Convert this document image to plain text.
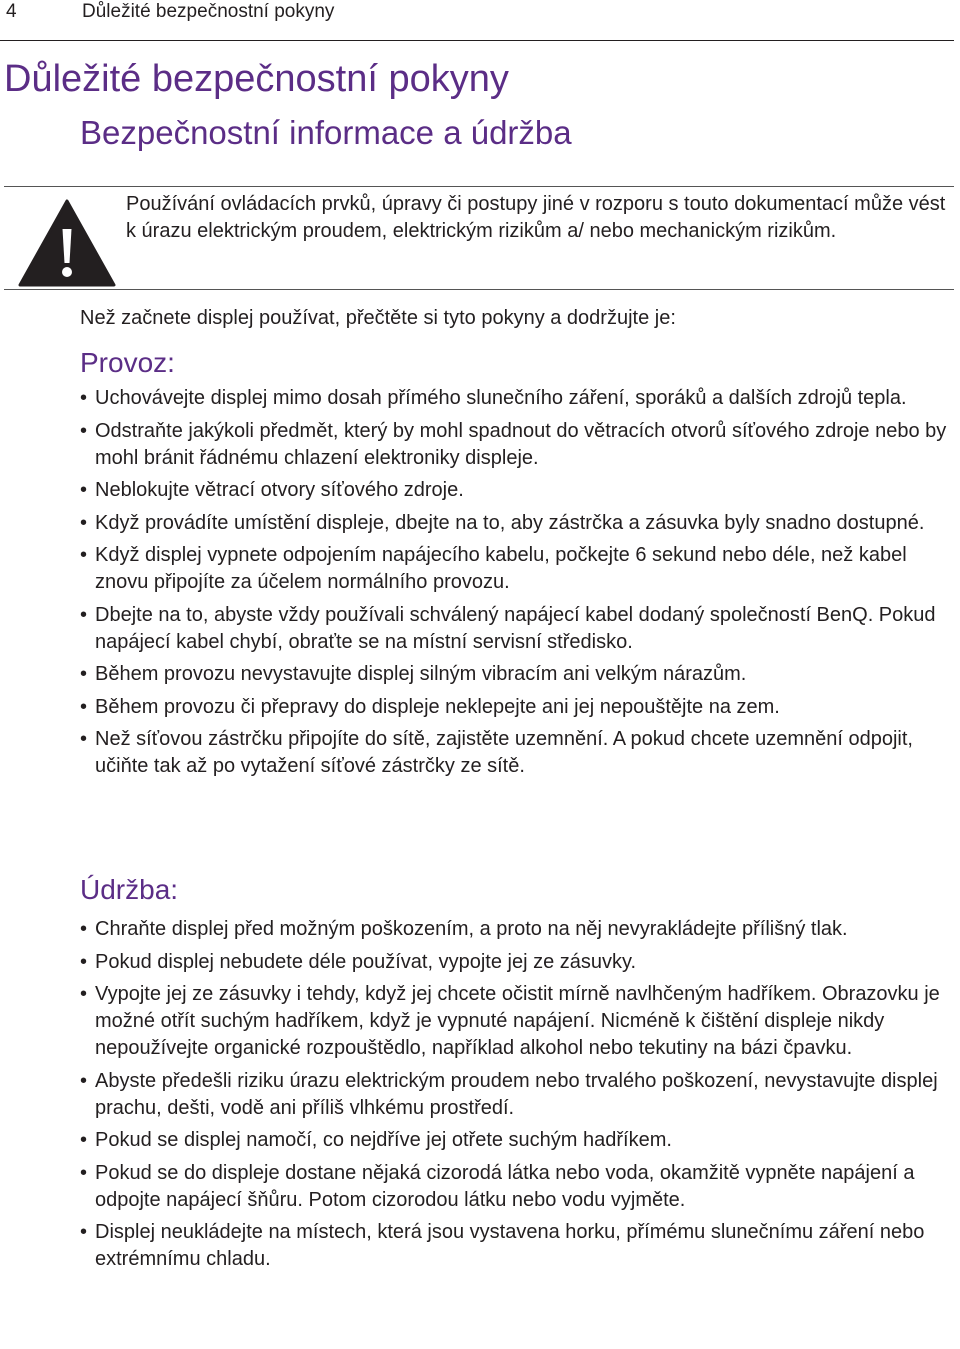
4	Důležité bezpečnostní pokyny
Důležité bezpečnostní pokyny
Bezpečnostní informace a údržba
Používání ovládacích prvků, úpravy či postupy jiné v rozporu s touto dokumentací může vést k úrazu elektrickým proudem, elektrickým rizikům a/ nebo mechanickým rizikům.
Než začnete displej používat, přečtěte si tyto pokyny a dodržujte je:
Provoz:
• Uchovávejte displej mimo dosah přímého slunečního záření, sporáků a dalších zdrojů tepla.
• Odstraňte jakýkoli předmět, který by mohl spadnout do větracích otvorů síťového zdroje nebo by mohl bránit řádnému chlazení elektroniky displeje.
• Neblokujte větrací otvory síťového zdroje.
• Když provádíte umístění displeje, dbejte na to, aby zástrčka a zásuvka byly snadno dostupné.
• Když displej vypnete odpojením napájecího kabelu, počkejte 6 sekund nebo déle, než kabel znovu připojíte za účelem normálního provozu.
• Dbejte na to, abyste vždy používali schválený napájecí kabel dodaný společností BenQ. Pokud napájecí kabel chybí, obraťte se na místní servisní středisko.
• Během provozu nevystavujte displej silným vibracím ani velkým nárazům.
• Během provozu či přepravy do displeje neklepejte ani jej nepouštějte na zem.
• Než síťovou zástrčku připojíte do sítě, zajistěte uzemnění. A pokud chcete uzemnění odpojit, učiňte tak až po vytažení síťové zástrčky ze sítě.
Údržba:
• Chraňte displej před možným poškozením, a proto na něj nevyrakládejte přílišný tlak.
• Pokud displej nebudete déle používat, vypojte jej ze zásuvky.
• Vypojte jej ze zásuvky i tehdy, když jej chcete očistit mírně navlhčeným hadříkem. Obrazovku je možné otřít suchým hadříkem, když je vypnuté napájení. Nicméně k čištění displeje nikdy nepoužívejte organické rozpouštědlo, například alkohol nebo tekutiny na bázi čpavku.
• Abyste předešli riziku úrazu elektrickým proudem nebo trvalého poškození, nevystavujte displej prachu, dešti, vodě ani příliš vlhkému prostředí.
• Pokud se displej namočí, co nejdříve jej otřete suchým hadříkem.
• Pokud se do displeje dostane nějaká cizorodá látka nebo voda, okamžitě vypněte napájení a odpojte napájecí šňůru. Potom cizorodou látku nebo vodu vyjměte.
• Displej neukládejte na místech, která jsou vystavena horku, přímému slunečnímu záření nebo extrémnímu chladu.
